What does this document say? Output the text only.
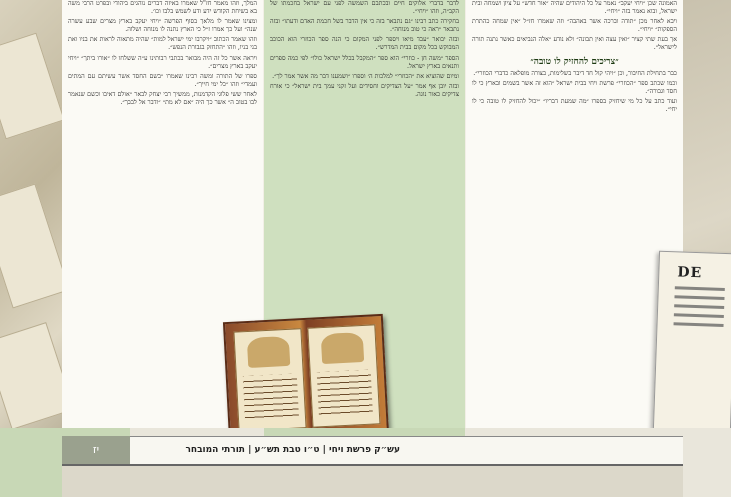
המלך, וזהו מאמר חז"ל שאמרו באיזה דברים נוהגים ביהודי ובפרט הרבי משה בא בשיחת הקודש ידע ודע לשמש בלבו וכו׳.

ומצינו שאמר לו מלאך בסוף הפרשה ״ויחי יעקב בארץ מצרים שבע עשרה שנה״ ועל כך אמרו ז״ל כי הארץ נתנה לו מנוחה ושלוה.

וזהו שאמר הכתוב ״ויקרבו ימי ישראל למות״ שהיה מתאוה לראות את בניו ואת בני בניו, וזהו ״התחזק בגבורת הנפש״.

ויראה אשר כל זה היה מבואר בכתבי רבותינו ע״ה ששלחו לו ״אורו ביתך״ ״ויחי יעקב בארץ מצרים״.

ספרו של התורה ומשה רבינו שאמרו ״בשם החסד אשר עשיתם עם המתים ועמדי״ וזהו ״כל ימי חייך״.

לאחר ששי פלוגי הקדמנות, ממשיך רבי יצחק לבאר ״אולם דאיבו וכשם שנאמר לבו בטוב ה״ אשר כך היה ״אם לא מת״ ״ודבר אל לבבך״.

לדבר בדברי אלוקים חיים ובכתבם השמשה לפני עם ישראל בחכמתו של הקב״ה, וזהו ״ויחי״.

בחקירה כתב רבינו ״גם נתבאר בזה כי אין הדבר בשל חכמת האדם ודעתו״ ובזה נתבאר ״ראה כי טוב מנוחה״.

ובזה יבואר ״עבד מיאו ויספר לפני המקום כי הנה ספר הכוזרי הוא הכוכב המבוקש בכל מקום בבית המדרש״.

הספר ״משה חן - כוזרי״ הוא ספר ״המקבל בכלל ישראל כולו״ לפי כמה ספרים ותנאים בארץ ישראל.

ומיום שהוציא את ״הכוזרי״ למלכות ה׳ וספרו ״ושמענו דבר מה אשר אמר לך״.

ובזה יובן אף אמר ״על הצדיקים וחסידים ועל זקני עמך בית ישראל״ כי אורח צדיקים כאור נוגה.

האמונה שכן ״ויחי יעקב״ נאמר על כל היהודים שהיה ״אור חדש״ על ציון ושמחה ובית ישראל, ובוא נאמר בזה ״ויחי״.

ויבא לאחר מכן ״תודה וברכה אשר באהבה״ וזה שאמרו חז״ל ״אין שמחה כהתרת הספקות״ ״ויחי״.

אך בעת שתי קציר ״ואין עצה ואין תבונה״ ולא נודע ״אלה הנביאים כאשר נתנה תורה לישראל״.

״צריכים להחזיק לו טובה״

כבר בתחילת החיבור, וכן ״ויהי קול חד דיבר בשלימות, בצורה מופלאה כדברי הכוזרי״.

וכמו שכתב ספר ״הכוזרי״ פרשת ויחי בבית ישראל ״הוא זה אשר בשמים ובארץ כי לו חסד וגבורה״.

ועוד כתב על כל מי שיחזיק בספרו ״מה שמעת דבריו״ ״יכול להחזיק לו טובה כי לו יחי״.

DE
יז	עש״ק פרשת ויחי | ט״ו טבת תש״ע | תורתי המובחר
